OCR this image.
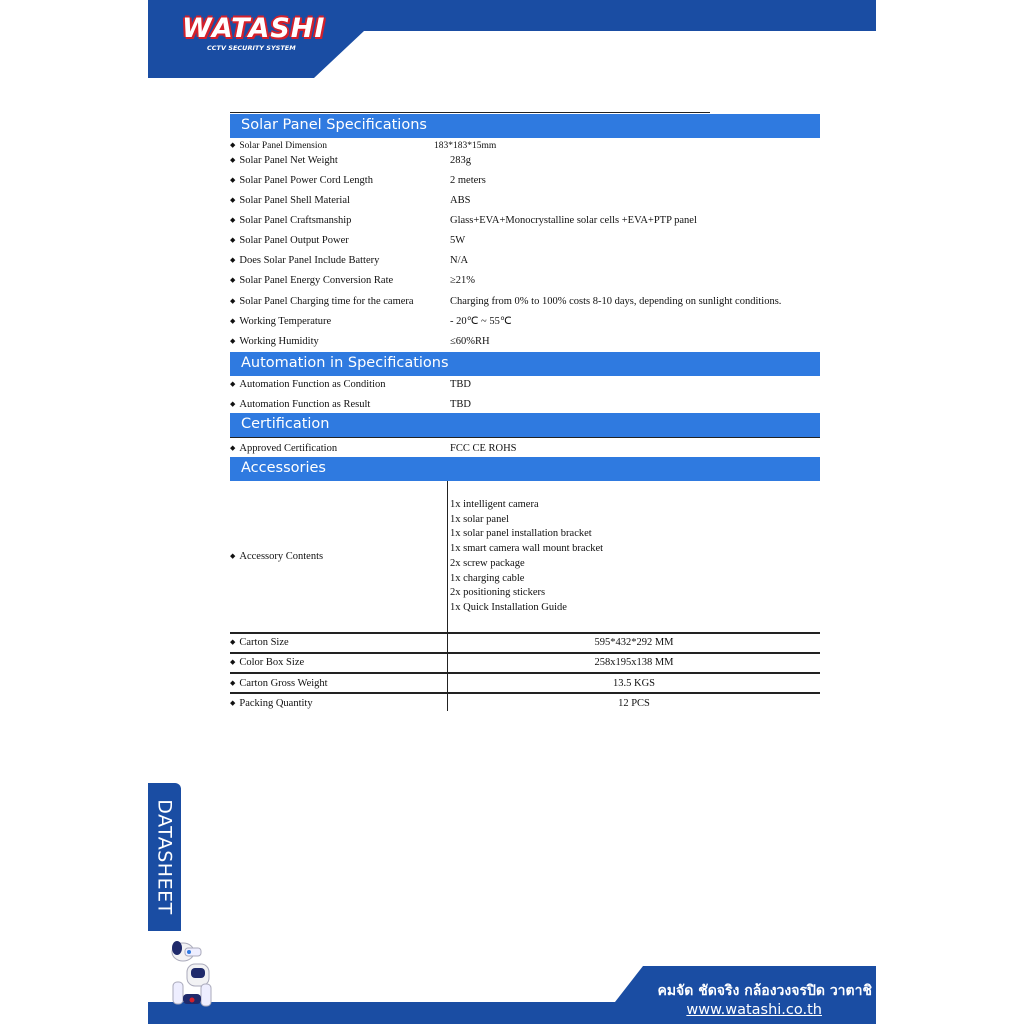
WATASHI
CCTV SECURITY SYSTEM
Solar Panel Specifications
◆ Solar Panel Dimension	183*183*15mm
◆ Solar Panel Net Weight	283g
◆ Solar Panel Power Cord Length	2 meters
◆ Solar Panel Shell Material	ABS
◆ Solar Panel Craftsmanship	Glass+EVA+Monocrystalline solar cells +EVA+PTP panel
◆ Solar Panel Output Power	5W
◆ Does Solar Panel Include Battery	N/A
◆ Solar Panel Energy Conversion Rate	≥21%
◆ Solar Panel Charging time for the camera	Charging from 0% to 100% costs 8-10 days, depending on sunlight conditions.
◆ Working Temperature	- 20℃ ~ 55℃
◆ Working Humidity	≤60%RH
Automation in Specifications
◆ Automation Function as Condition	TBD
◆ Automation Function as Result	TBD
Certification
◆ Approved Certification	FCC CE ROHS
Accessories
◆ Accessory Contents
1x intelligent camera
1x solar panel
1x solar panel installation bracket
1x smart camera wall mount bracket
2x screw package
1x charging cable
2x positioning stickers
1x Quick Installation Guide
◆ Carton Size	595*432*292 MM
◆ Color Box Size	258x195x138 MM
◆ Carton Gross Weight	13.5 KGS
◆ Packing Quantity	12 PCS
DATASHEET
คมจัด ชัดจริง กล้องวงจรปิด วาตาชิ
www.watashi.co.th
